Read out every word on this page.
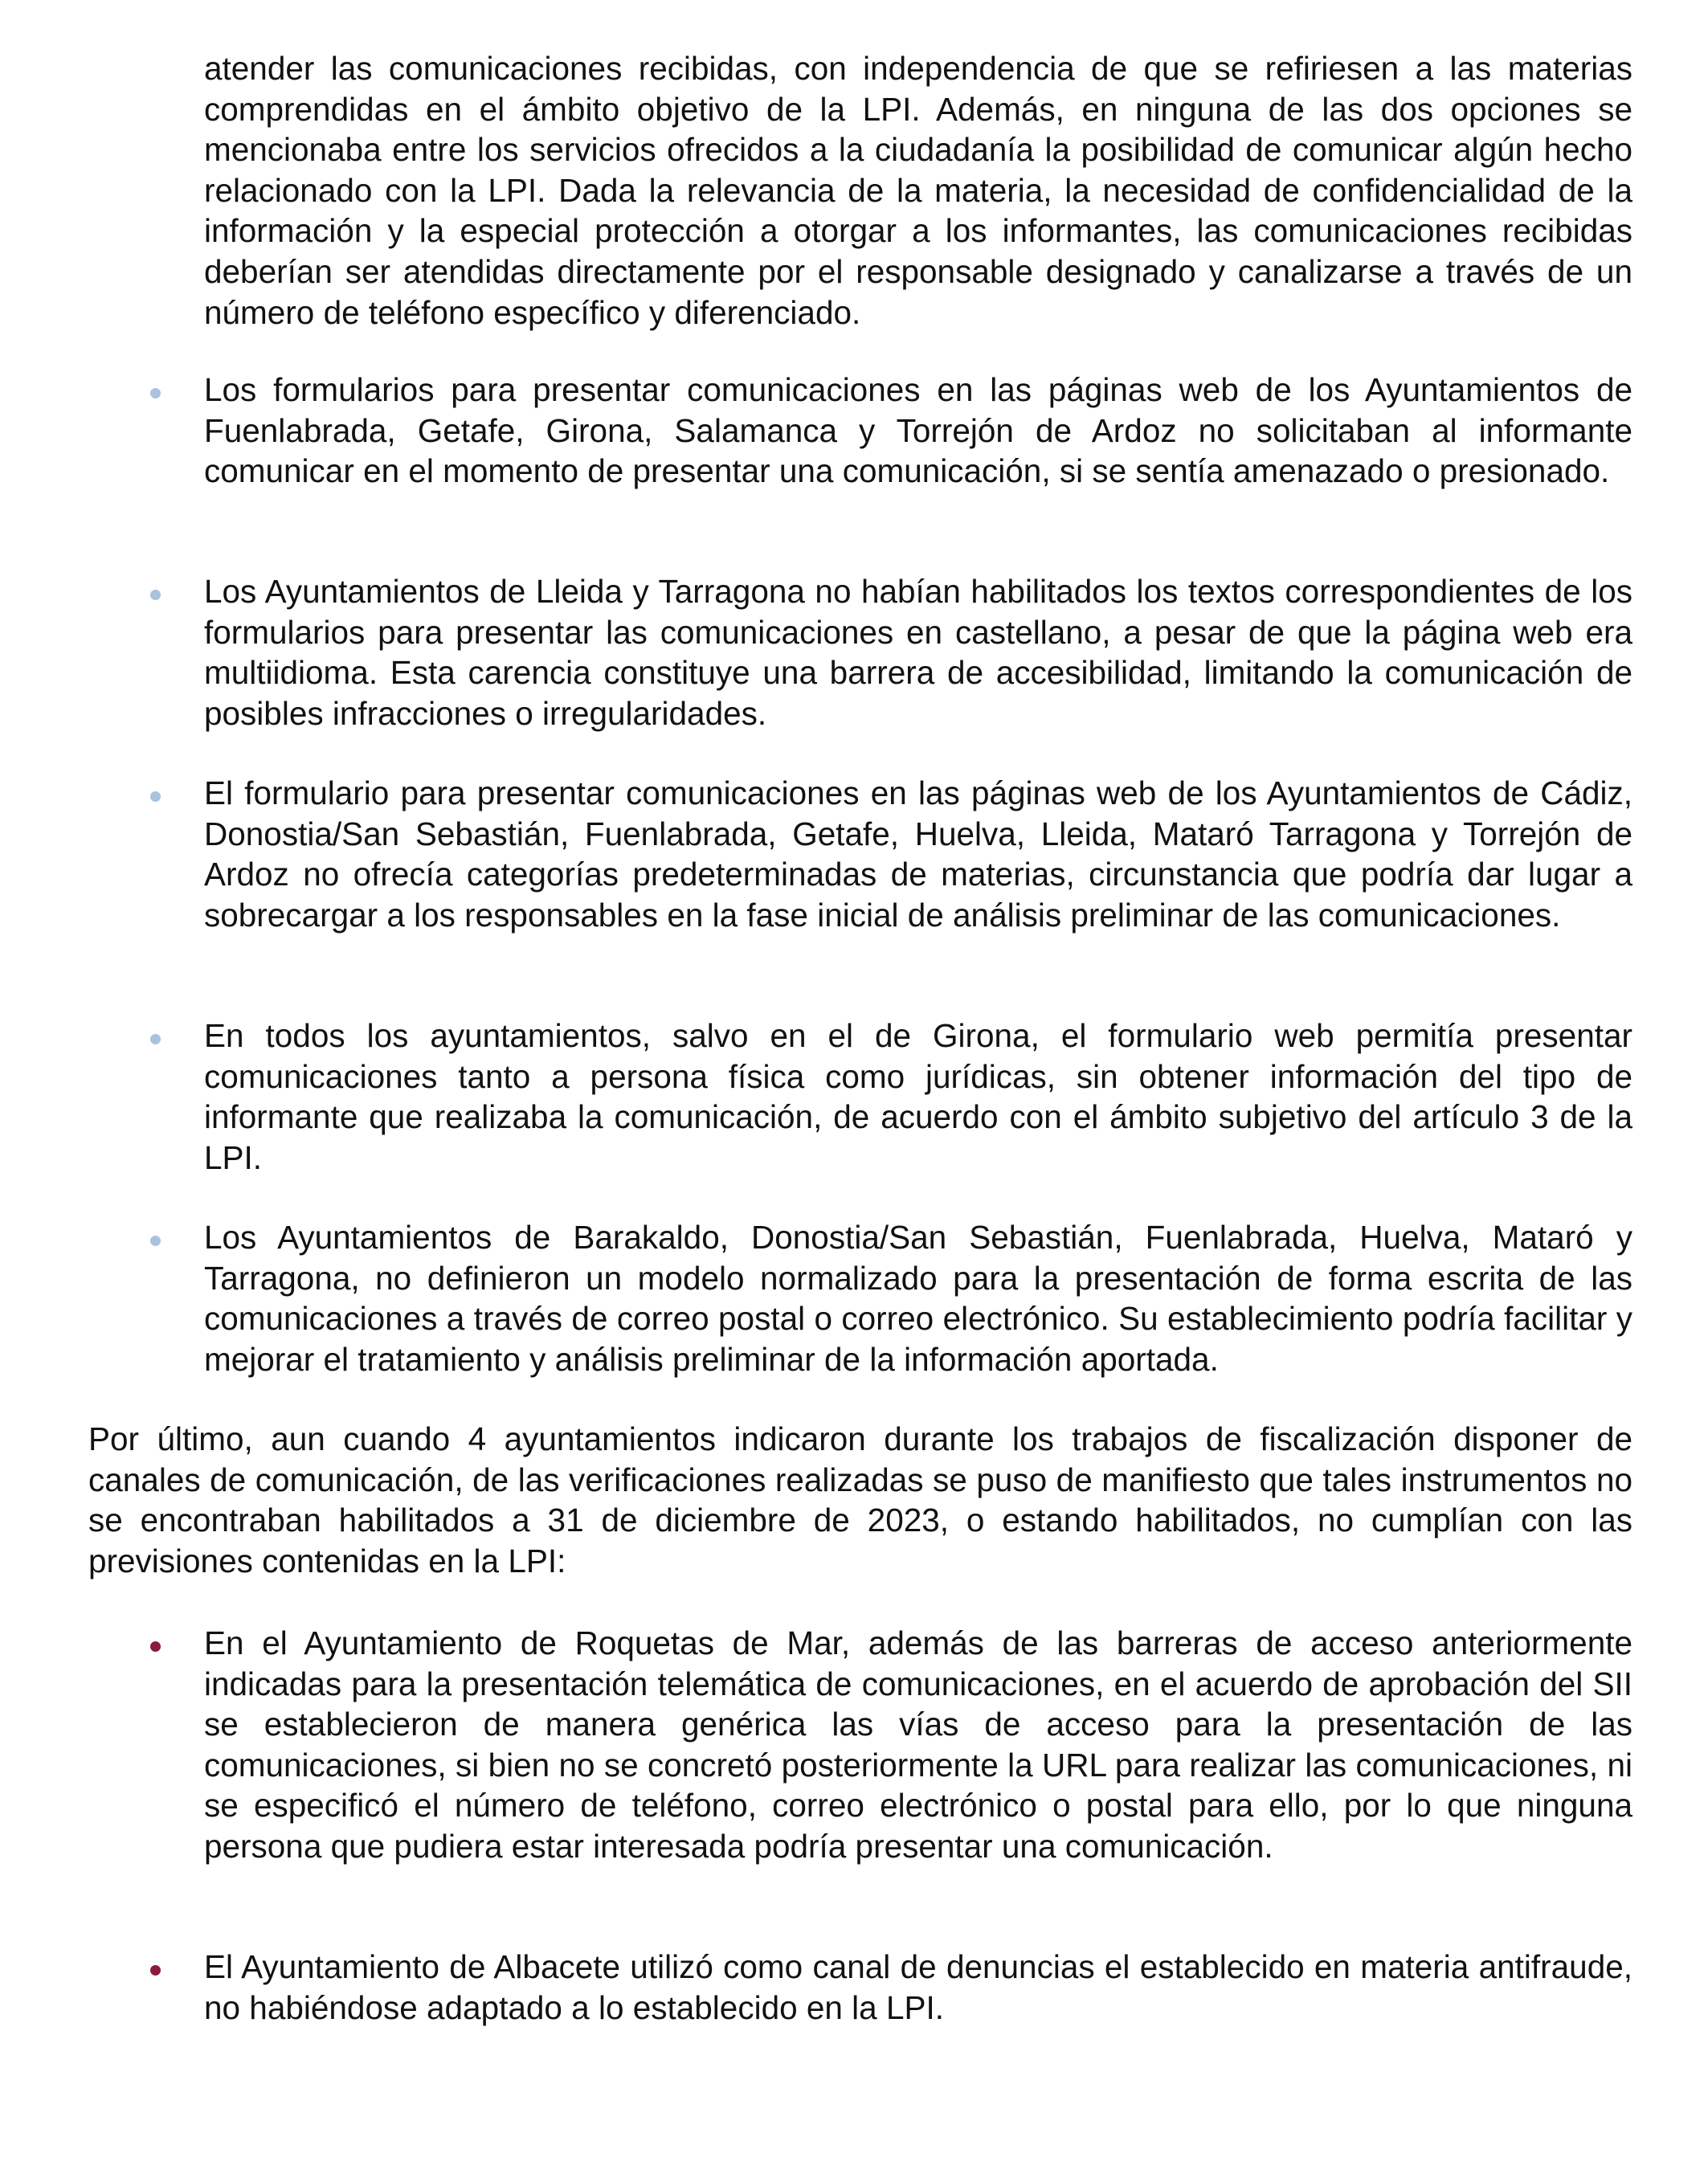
atender las comunicaciones recibidas, con independencia de que se refiriesen a las materias comprendidas en el ámbito objetivo de la LPI. Además, en ninguna de las dos opciones se mencionaba entre los servicios ofrecidos a la ciudadanía la posibilidad de comunicar algún hecho relacionado con la LPI. Dada la relevancia de la materia, la necesidad de confidencialidad de la información y la especial protección a otorgar a los informantes, las comunicaciones recibidas deberían ser atendidas directamente por el responsable designado y canalizarse a través de un número de teléfono específico y diferenciado.

Los formularios para presentar comunicaciones en las páginas web de los Ayuntamientos de Fuenlabrada, Getafe, Girona, Salamanca y Torrejón de Ardoz no solicitaban al informante comunicar en el momento de presentar una comunicación, si se sentía amenazado o presionado.

Los Ayuntamientos de Lleida y Tarragona no habían habilitados los textos correspondientes de los formularios para presentar las comunicaciones en castellano, a pesar de que la página web era multiidioma. Esta carencia constituye una barrera de accesibilidad, limitando la comunicación de posibles infracciones o irregularidades.

El formulario para presentar comunicaciones en las páginas web de los Ayuntamientos de Cádiz, Donostia/San Sebastián, Fuenlabrada, Getafe, Huelva, Lleida, Mataró Tarragona y Torrejón de Ardoz no ofrecía categorías predeterminadas de materias, circunstancia que podría dar lugar a sobrecargar a los responsables en la fase inicial de análisis preliminar de las comunicaciones.

En todos los ayuntamientos, salvo en el de Girona, el formulario web permitía presentar comunicaciones tanto a persona física como jurídicas, sin obtener información del tipo de informante que realizaba la comunicación, de acuerdo con el ámbito subjetivo del artículo 3 de la LPI.

Los Ayuntamientos de Barakaldo, Donostia/San Sebastián, Fuenlabrada, Huelva, Mataró y Tarragona, no definieron un modelo normalizado para la presentación de forma escrita de las comunicaciones a través de correo postal o correo electrónico. Su establecimiento podría facilitar y mejorar el tratamiento y análisis preliminar de la información aportada.

Por último, aun cuando 4 ayuntamientos indicaron durante los trabajos de fiscalización disponer de canales de comunicación, de las verificaciones realizadas se puso de manifiesto que tales instrumentos no se encontraban habilitados a 31 de diciembre de 2023, o estando habilitados, no cumplían con las previsiones contenidas en la LPI:

En el Ayuntamiento de Roquetas de Mar, además de las barreras de acceso anteriormente indicadas para la presentación telemática de comunicaciones, en el acuerdo de aprobación del SII se establecieron de manera genérica las vías de acceso para la presentación de las comunicaciones, si bien no se concretó posteriormente la URL para realizar las comunicaciones, ni se especificó el número de teléfono, correo electrónico o postal para ello, por lo que ninguna persona que pudiera estar interesada podría presentar una comunicación.

El Ayuntamiento de Albacete utilizó como canal de denuncias el establecido en materia antifraude, no habiéndose adaptado a lo establecido en la LPI.
